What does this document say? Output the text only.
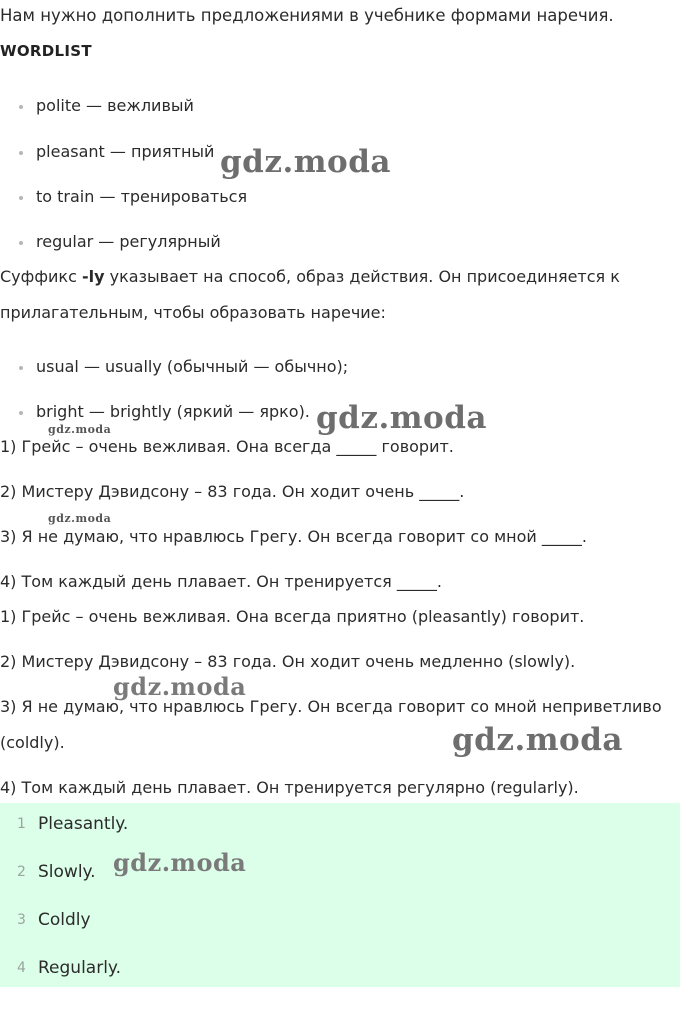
Нам нужно дополнить предложениями в учебнике формами наречия.
WORDLIST
polite — вежливый
pleasant — приятный
to train — тренироваться
regular — регулярный
Суффикс -ly указывает на способ, образ действия. Он присоединяется к
прилагательным, чтобы образовать наречие:
usual — usually (обычный — обычно);
bright — brightly (яркий — ярко).
1) Грейс – очень вежливая. Она всегда _____ говорит.
2) Мистеру Дэвидсону – 83 года. Он ходит очень _____.
3) Я не думаю, что нравлюсь Грегу. Он всегда говорит со мной _____.
4) Том каждый день плавает. Он тренируется _____.
1) Грейс – очень вежливая. Она всегда приятно (pleasantly) говорит.
2) Мистеру Дэвидсону – 83 года. Он ходит очень медленно (slowly).
3) Я не думаю, что нравлюсь Грегу. Он всегда говорит со мной неприветливо
(coldly).
4) Том каждый день плавает. Он тренируется регулярно (regularly).
1 Pleasantly.
2 Slowly.
3 Coldly
4 Regularly.
gdz.moda
gdz.moda
gdz.moda
gdz.moda
gdz.moda
gdz.moda
gdz.moda
